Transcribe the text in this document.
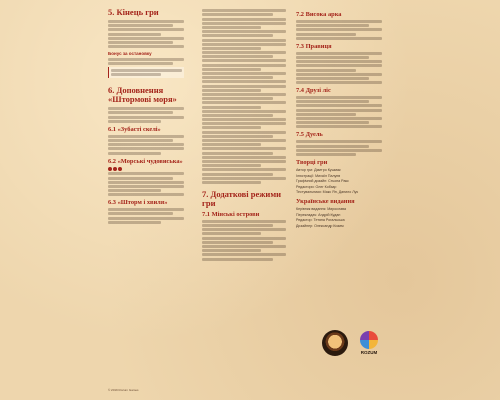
5. Кінець гри
Бонус за остановку
6. Доповнення «Штормові моря»
6.1 «Зубасті скелі»
6.2 «Морські чудовиська»
6.3 «Шторм і хвиля»
7. Додаткові режими гри
7.1 Мінські острови
7.2 Висока арка
7.3 Правиця
7.4 Друзі ліс
7.5 Дуель
Творці гри

Автор гри: Дмитро Кушмак

Ілюстрації: Михаїл Палуєв

Графічний дизайн: Стьопа Ракс

Редактори: Олег Кобзар

Тестувальники: Макс Ян, Данило Лук

Українське видання

Керівник видання: Мирослава

Перекладач: Андрій Кудан

Редактор: Тетяна Рогальська

Дизайнер: Олександр Кизим

ROZUM
© 2019 Rozum Games
